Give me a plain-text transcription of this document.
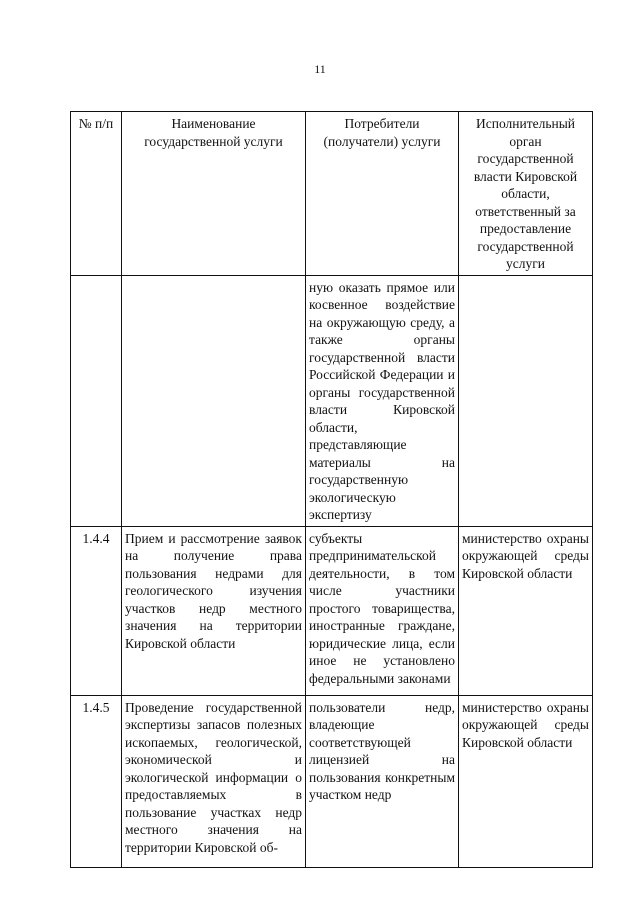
11
№ п/п	Наименование государственной услуги	Потребители (получатели) услуги	Исполнительный орган государственной власти Кировской области, ответственный за предоставление государственной услуги
		ную оказать прямое или косвенное воздействие на окружающую среду, а также органы государственной власти Российской Федерации и органы государственной власти Кировской области, представляющие материалы на государственную экологическую экспертизу	
1.4.4	Прием и рассмотрение заявок на получение права пользования недрами для геологического изучения участков недр местного значения на территории Кировской области	субъекты предпринимательской деятельности, в том числе участники простого товарищества, иностранные граждане, юридические лица, если иное не установлено федеральными законами	министерство охраны окружающей среды Кировской области
1.4.5	Проведение государственной экспертизы запасов полезных ископаемых, геологической, экономической и экологической информации о предоставляемых в пользование участках недр местного значения на территории Кировской об-	пользователи недр, владеющие соответствующей лицензией на пользования конкретным участком недр	министерство охраны окружающей среды Кировской области
